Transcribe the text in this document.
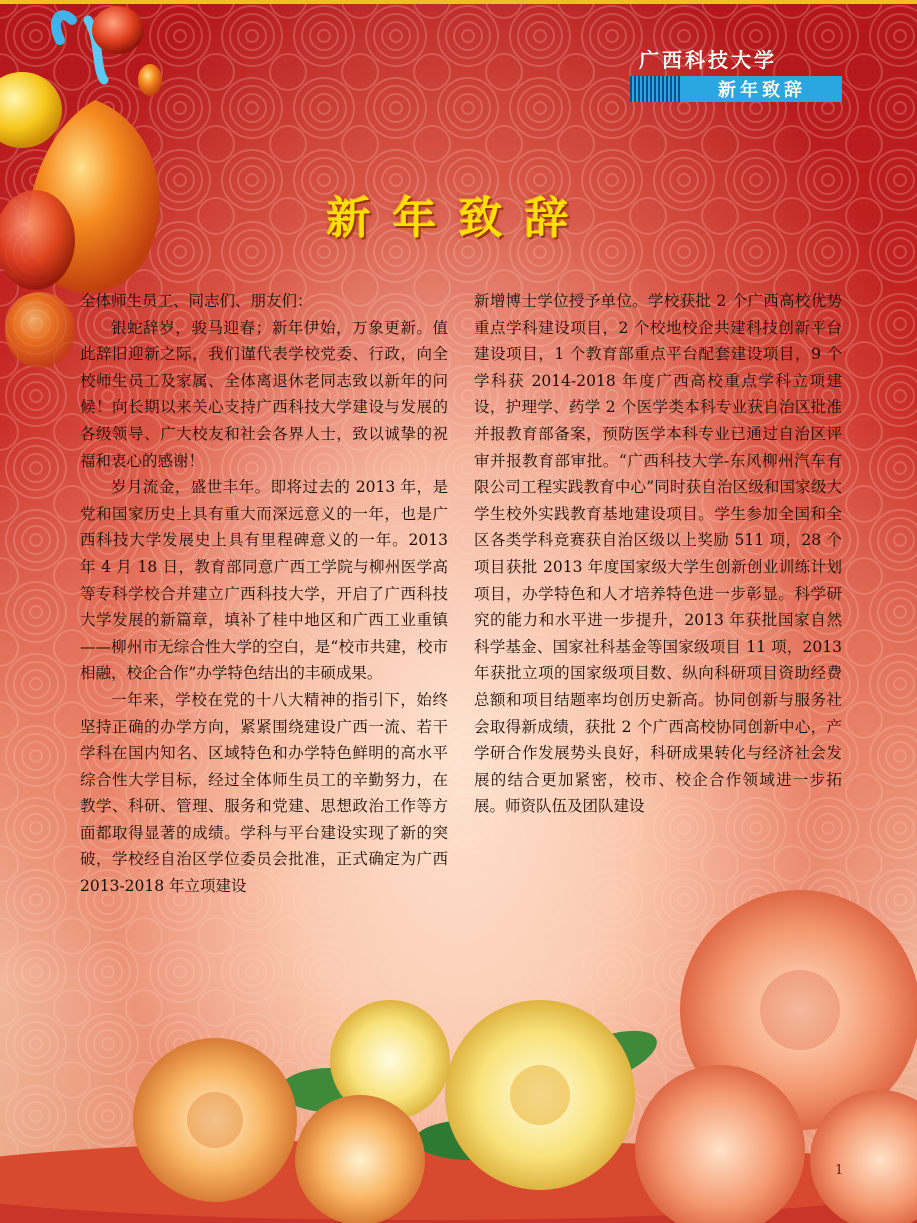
广西科技大学
新年致辞
新年致辞

全体师生员工、同志们、朋友们：

银蛇辞岁，骏马迎春；新年伊始，万象更新。值此辞旧迎新之际，我们谨代表学校党委、行政，向全校师生员工及家属、全体离退休老同志致以新年的问候！向长期以来关心支持广西科技大学建设与发展的各级领导、广大校友和社会各界人士，致以诚挚的祝福和衷心的感谢！

岁月流金，盛世丰年。即将过去的 2013 年，是党和国家历史上具有重大而深远意义的一年，也是广西科技大学发展史上具有里程碑意义的一年。2013 年 4 月 18 日，教育部同意广西工学院与柳州医学高等专科学校合并建立广西科技大学，开启了广西科技大学发展的新篇章，填补了桂中地区和广西工业重镇——柳州市无综合性大学的空白，是“校市共建，校市相融，校企合作”办学特色结出的丰硕成果。

一年来，学校在党的十八大精神的指引下，始终坚持正确的办学方向，紧紧围绕建设广西一流、若干学科在国内知名、区域特色和办学特色鲜明的高水平综合性大学目标，经过全体师生员工的辛勤努力，在教学、科研、管理、服务和党建、思想政治工作等方面都取得显著的成绩。学科与平台建设实现了新的突破，学校经自治区学位委员会批准，正式确定为广西 2013-2018 年立项建设

新增博士学位授予单位。学校获批 2 个广西高校优势重点学科建设项目，2 个校地校企共建科技创新平台建设项目，1 个教育部重点平台配套建设项目，9 个学科获 2014-2018 年度广西高校重点学科立项建设，护理学、药学 2 个医学类本科专业获自治区批准并报教育部备案，预防医学本科专业已通过自治区评审并报教育部审批。“广西科技大学-东风柳州汽车有限公司工程实践教育中心”同时获自治区级和国家级大学生校外实践教育基地建设项目。学生参加全国和全区各类学科竞赛获自治区级以上奖励 511 项，28 个项目获批 2013 年度国家级大学生创新创业训练计划项目，办学特色和人才培养特色进一步彰显。科学研究的能力和水平进一步提升，2013 年获批国家自然科学基金、国家社科基金等国家级项目 11 项，2013 年获批立项的国家级项目数、纵向科研项目资助经费总额和项目结题率均创历史新高。协同创新与服务社会取得新成绩，获批 2 个广西高校协同创新中心，产学研合作发展势头良好，科研成果转化与经济社会发展的结合更加紧密，校市、校企合作领域进一步拓展。师资队伍及团队建设

1
